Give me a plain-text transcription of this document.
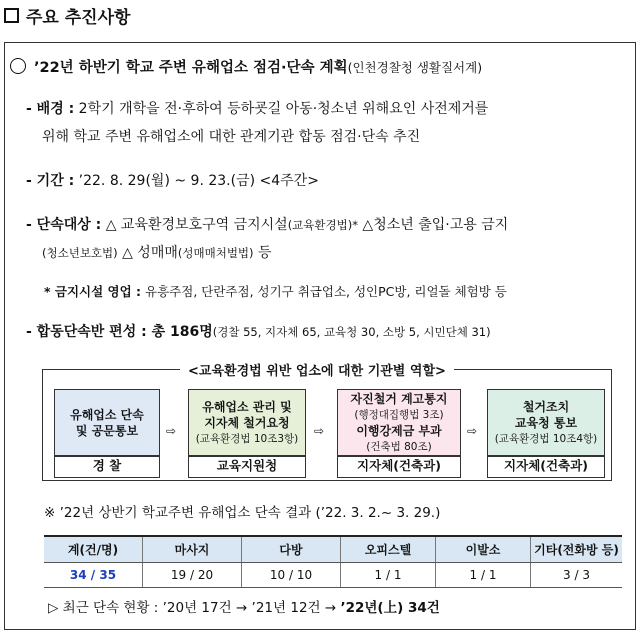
주요 추진사항
’22년 하반기 학교 주변 유해업소 점검·단속 계획(인천경찰청 생활질서계)
- 배경 : 2학기 개학을 전·후하여 등하굣길 아동·청소년 위해요인 사전제거를
위해 학교 주변 유해업소에 대한 관계기관 합동 점검·단속 추진
- 기간 : ’22. 8. 29(월) ~ 9. 23.(금) <4주간>
- 단속대상 : △ 교육환경보호구역 금지시설(교육환경법)* △청소년 출입·고용 금지
(청소년보호법) △ 성매매(성매매처벌법) 등
* 금지시설 영업 : 유흥주점, 단란주점, 성기구 취급업소, 성인PC방, 리얼돌 체험방 등
- 합동단속반 편성 : 총 186명(경찰 55, 지자체 65, 교육청 30, 소방 5, 시민단체 31)
<교육환경법 위반 업소에 대한 기관별 역할>
유해업소 단속
및 공문통보
경 찰
⇨
유해업소 관리 및
지자체 철거요청
(교육환경법 10조3항)
교육지원청
⇨
자진철거 계고통지
(행정대집행법 3조)
이행강제금 부과
(건축법 80조)
지자체(건축과)
⇨
철거조치
교육청 통보
(교육환경법 10조4항)
지자체(건축과)
※ ’22년 상반기 학교주변 유해업소 단속 결과 (’22. 3. 2.~ 3. 29.)
계(건/명)	마사지	다방	오피스텔	이발소	기타(전화방 등)
34 / 35	19 / 20	10 / 10	1 / 1	1 / 1	3 / 3
▷ 최근 단속 현황 : ’20년 17건 → ’21년 12건 → ’22년(上) 34건
